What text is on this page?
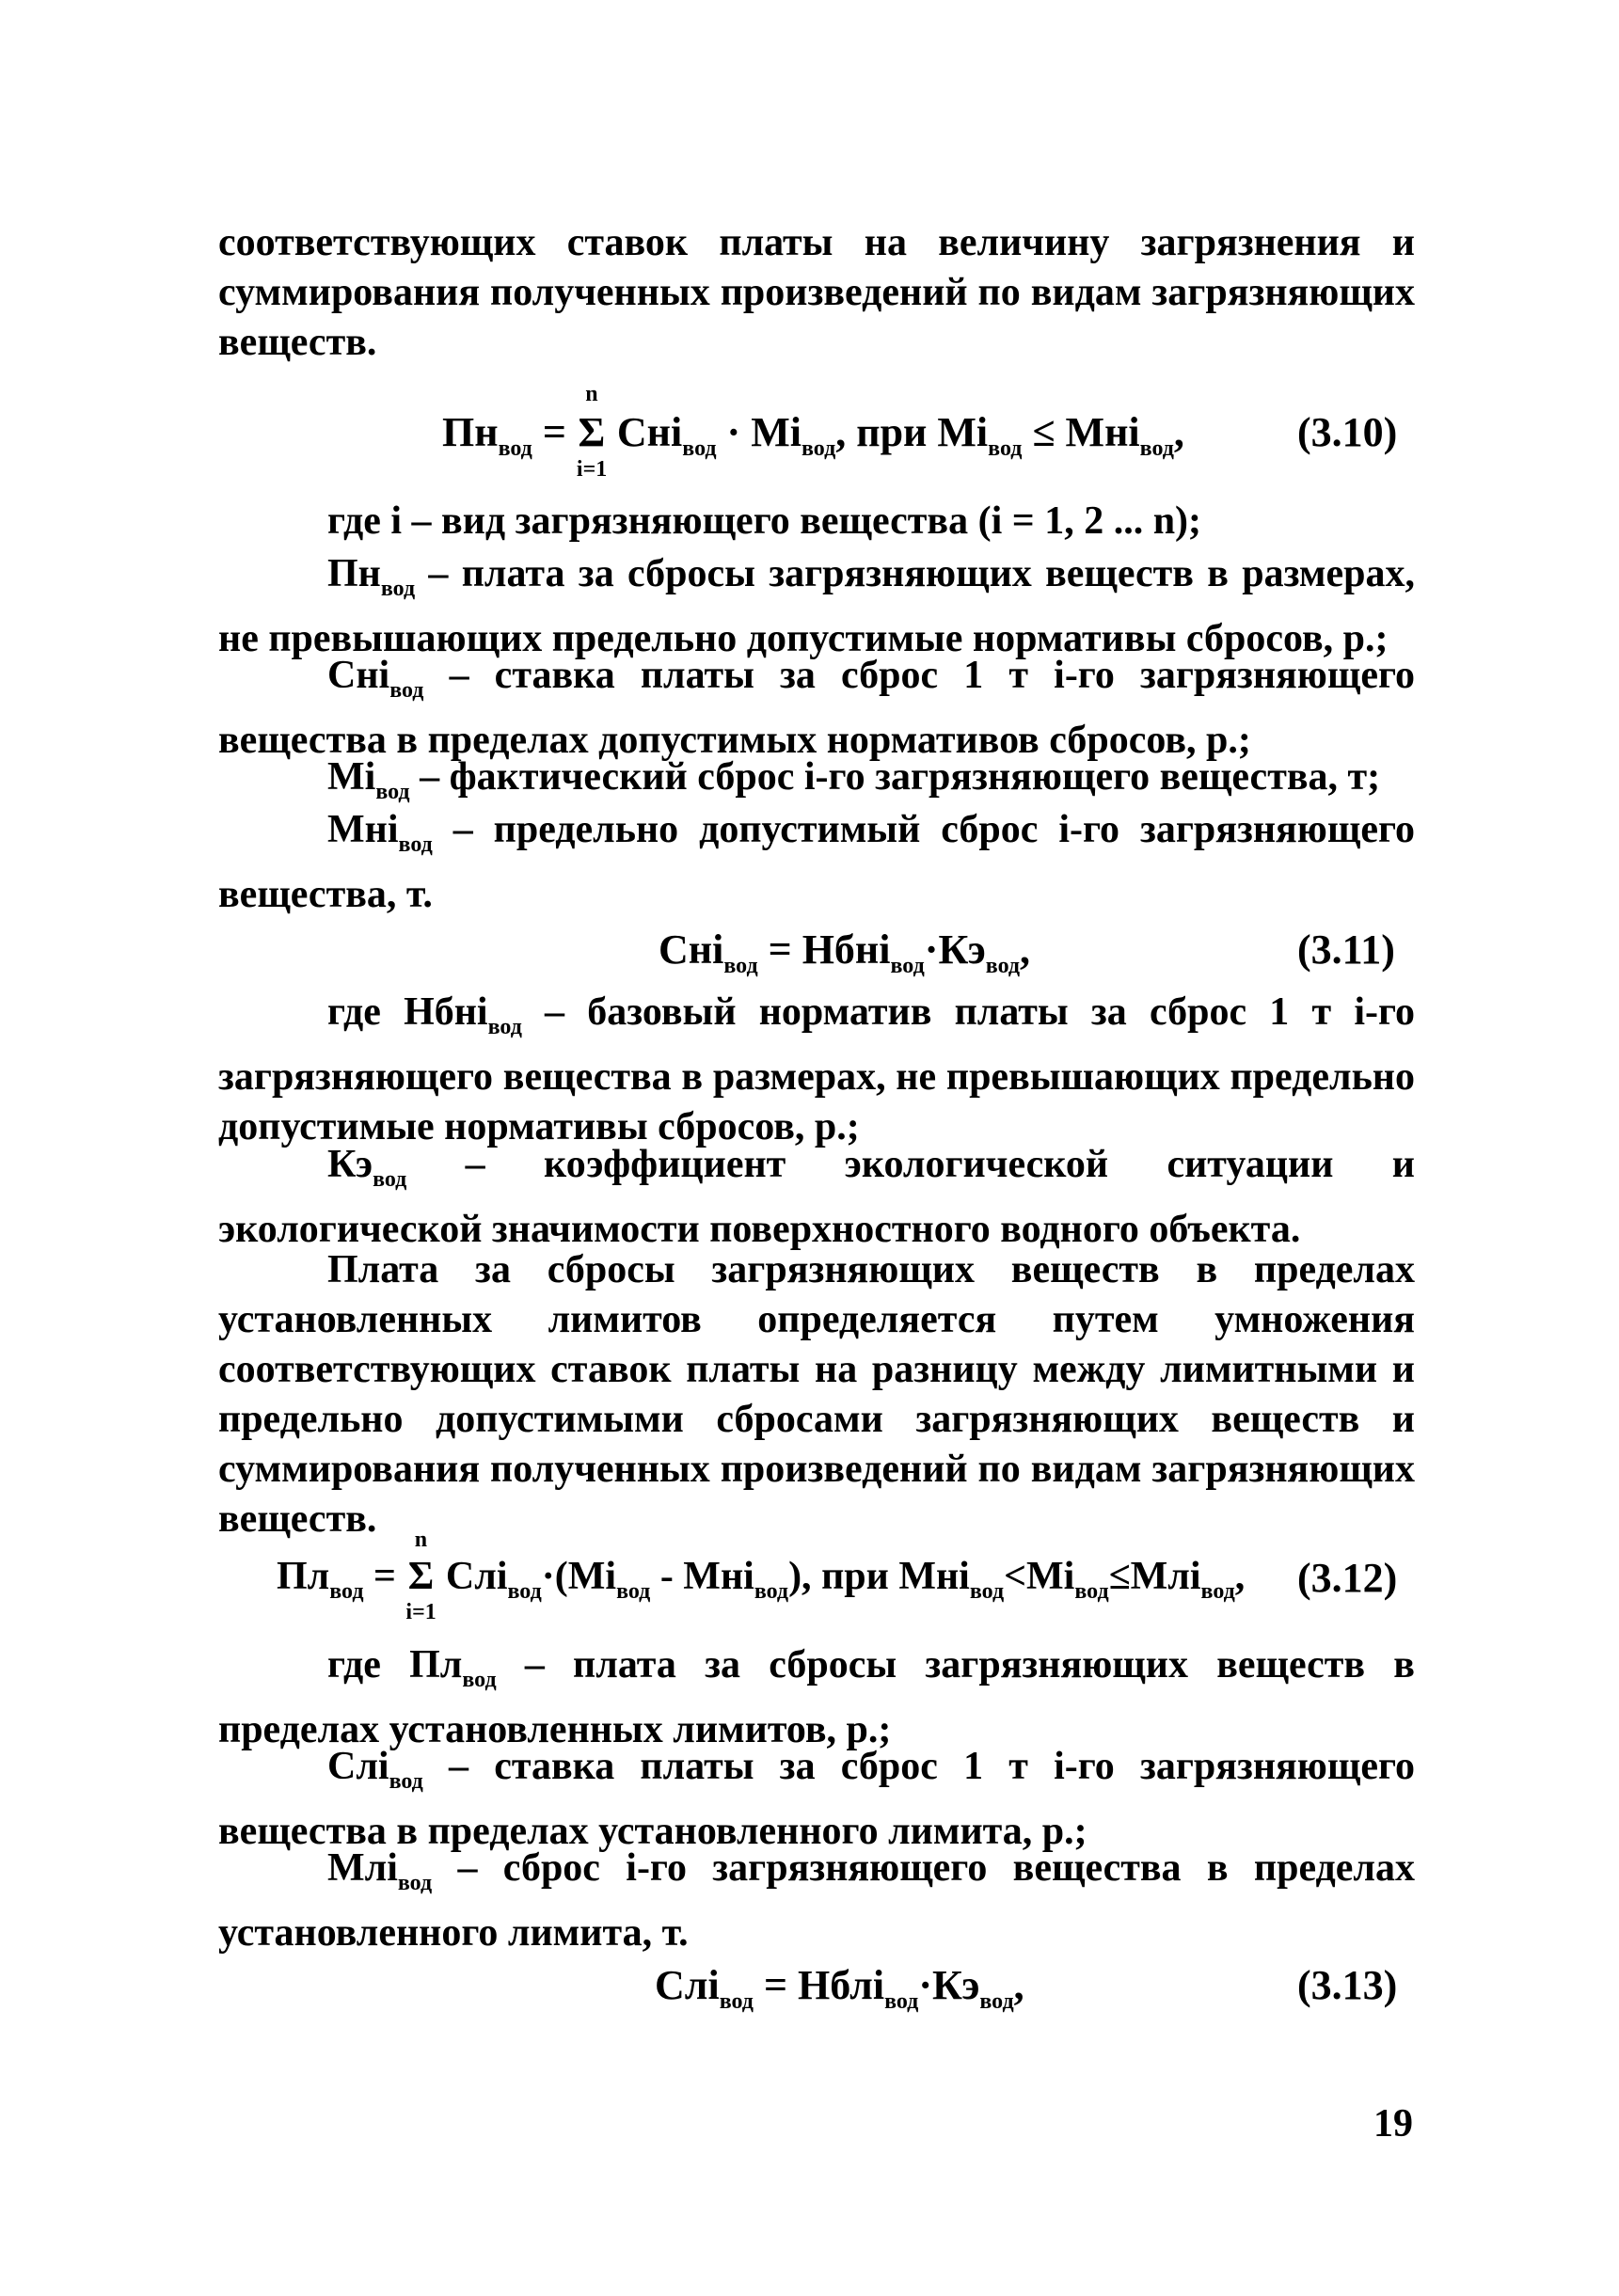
соответствующих ставок платы на величину загрязнения и суммирования полученных произведений по видам загрязняющих веществ.
$Пн_{вод}$ =
n
Σ
i=1
$Снi_{вод} \cdot Мi_{вод}$, при $Мi_{вод} \le Мнi_{вод}$,	(3.10)
где i – вид загрязняющего вещества (i = 1, 2 ... n);
$Пн_{вод}$ – плата за сбросы загрязняющих веществ в размерах, не превышающих предельно допустимые нормативы сбросов, р.;
Снi$_{вод}$ – ставка платы за сброс 1 т i-го загрязняющего вещества в пределах допустимых нормативов сбросов, р.;
$Мi_{вод}$ – фактический сброс i-го загрязняющего вещества, т;
Мнi$_{вод}$ – предельно допустимый сброс i-го загрязняющего вещества, т.
$Снi_{вод} = Нбнi_{вод}\cdot Кэ_{вод}$,	(3.11)
где Нбнi$_{вод}$ – базовый норматив платы за сброс 1 т i-го загрязняющего вещества в размерах, не превышающих предельно допустимые нормативы сбросов, р.;
$Кэ_{вод}$ – коэффициент экологической ситуации и экологической значимости поверхностного водного объекта.
Плата за сбросы загрязняющих веществ в пределах установленных лимитов определяется путем умножения соответствующих ставок платы на разницу между лимитными и предельно допустимыми сбросами загрязняющих веществ и суммирования полученных произведений по видам загрязняющих веществ.
$Пл_{вод}$ =
n
Σ
i=1
$Слi_{вод}\cdot(Мi_{вод} - Мнi_{вод})$, при $Мнi_{вод}<Мi_{вод}\le Млi_{вод}$, (3.12)
где $Пл_{вод}$ – плата за сбросы загрязняющих веществ в пределах установленных лимитов, р.;
Слi$_{вод}$ – ставка платы за сброс 1 т i-го загрязняющего вещества в пределах установленного лимита, р.;
Млi$_{вод}$ – сброс i-го загрязняющего вещества в пределах установленного лимита, т.
$Слi_{вод} = Нблi_{вод}\cdot Кэ_{вод}$,	(3.13)
19
